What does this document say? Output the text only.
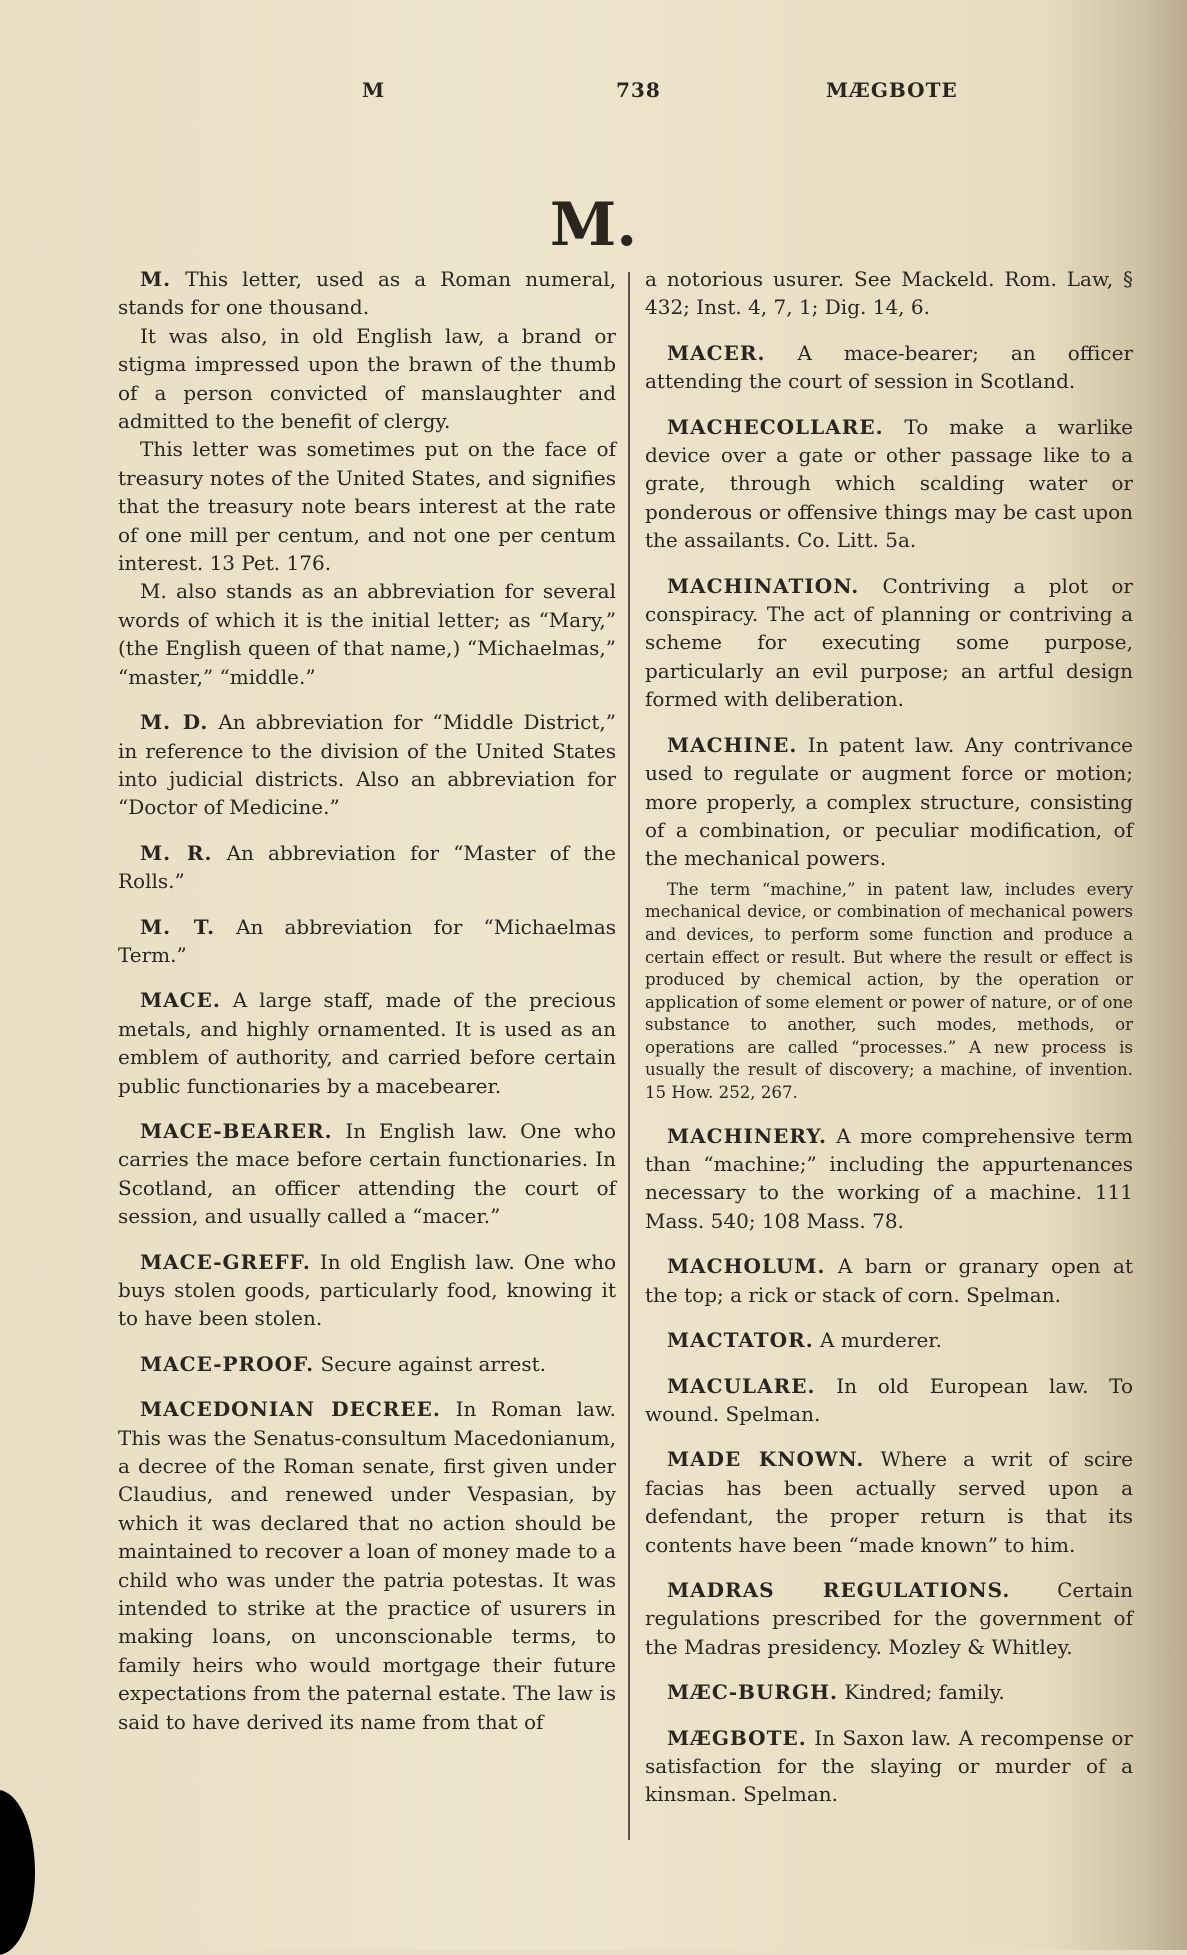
M	738	MÆGBOTE
M.

M. This letter, used as a Roman numeral, stands for one thousand.

It was also, in old English law, a brand or stigma impressed upon the brawn of the thumb of a person convicted of manslaughter and admitted to the benefit of clergy.

This letter was sometimes put on the face of treasury notes of the United States, and signifies that the treasury note bears interest at the rate of one mill per centum, and not one per centum interest. 13 Pet. 176.

M. also stands as an abbreviation for several words of which it is the initial letter; as “Mary,” (the English queen of that name,) “Michaelmas,” “master,” “middle.”

M. D. An abbreviation for “Middle District,” in reference to the division of the United States into judicial districts. Also an abbreviation for “Doctor of Medicine.”

M. R. An abbreviation for “Master of the Rolls.”

M. T. An abbreviation for “Michaelmas Term.”

MACE. A large staff, made of the precious metals, and highly ornamented. It is used as an emblem of authority, and carried before certain public functionaries by a macebearer.

MACE-BEARER. In English law. One who carries the mace before certain functionaries. In Scotland, an officer attending the court of session, and usually called a “macer.”

MACE-GREFF. In old English law. One who buys stolen goods, particularly food, knowing it to have been stolen.

MACE-PROOF. Secure against arrest.

MACEDONIAN DECREE. In Roman law. This was the Senatus-consultum Macedonianum, a decree of the Roman senate, first given under Claudius, and renewed under Vespasian, by which it was declared that no action should be maintained to recover a loan of money made to a child who was under the patria potestas. It was intended to strike at the practice of usurers in making loans, on unconscionable terms, to family heirs who would mortgage their future expectations from the paternal estate. The law is said to have derived its name from that of

a notorious usurer. See Mackeld. Rom. Law, § 432; Inst. 4, 7, 1; Dig. 14, 6.

MACER. A mace-bearer; an officer attending the court of session in Scotland.

MACHECOLLARE. To make a warlike device over a gate or other passage like to a grate, through which scalding water or ponderous or offensive things may be cast upon the assailants. Co. Litt. 5a.

MACHINATION. Contriving a plot or conspiracy. The act of planning or contriving a scheme for executing some purpose, particularly an evil purpose; an artful design formed with deliberation.

MACHINE. In patent law. Any contrivance used to regulate or augment force or motion; more properly, a complex structure, consisting of a combination, or peculiar modification, of the mechanical powers.

The term “machine,” in patent law, includes every mechanical device, or combination of mechanical powers and devices, to perform some function and produce a certain effect or result. But where the result or effect is produced by chemical action, by the operation or application of some element or power of nature, or of one substance to another, such modes, methods, or operations are called “processes.” A new process is usually the result of discovery; a machine, of invention. 15 How. 252, 267.

MACHINERY. A more comprehensive term than “machine;” including the appurtenances necessary to the working of a machine. 111 Mass. 540; 108 Mass. 78.

MACHOLUM. A barn or granary open at the top; a rick or stack of corn. Spelman.

MACTATOR. A murderer.

MACULARE. In old European law. To wound. Spelman.

MADE KNOWN. Where a writ of scire facias has been actually served upon a defendant, the proper return is that its contents have been “made known” to him.

MADRAS REGULATIONS. Certain regulations prescribed for the government of the Madras presidency. Mozley & Whitley.

MÆC-BURGH. Kindred; family.

MÆGBOTE. In Saxon law. A recompense or satisfaction for the slaying or murder of a kinsman. Spelman.
